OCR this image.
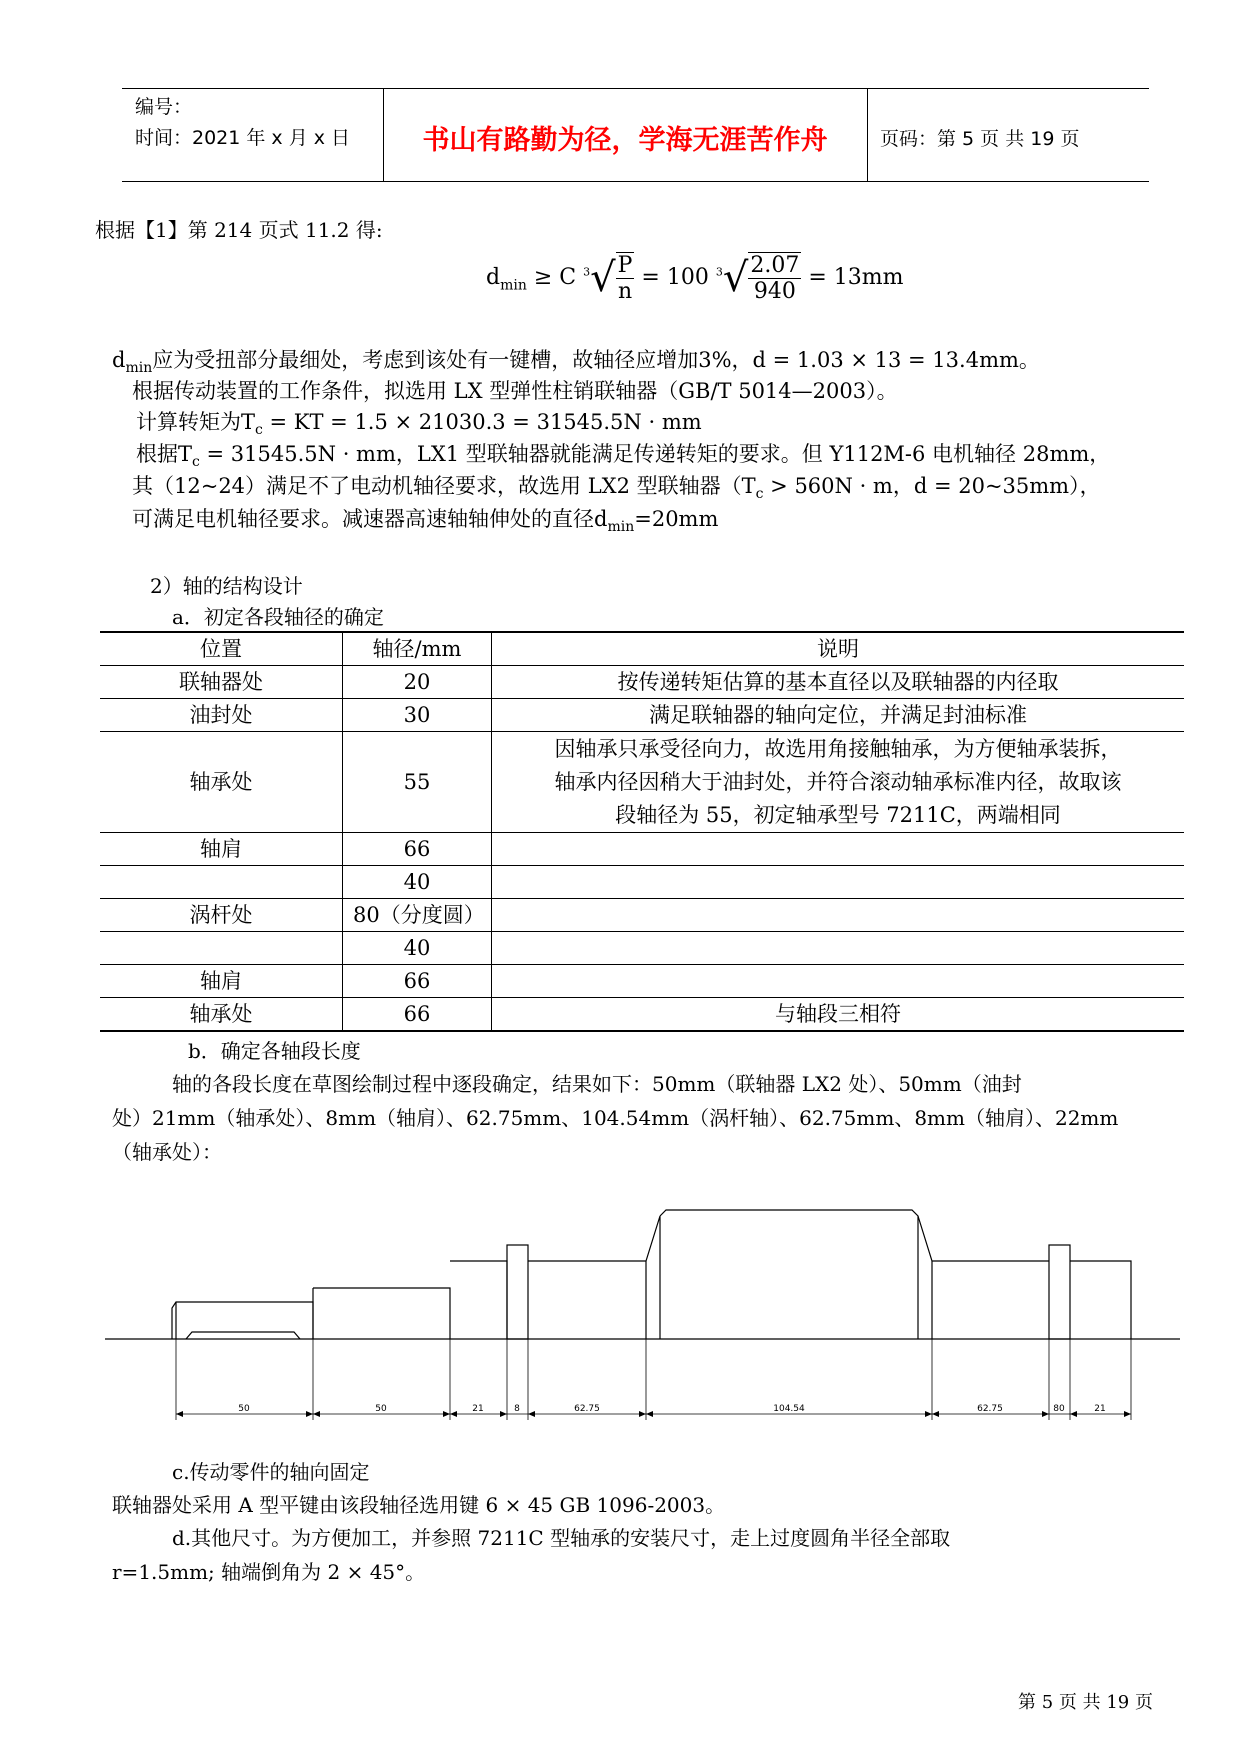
编号：
时间：2021 年 x 月 x 日	书山有路勤为径，学海无涯苦作舟	页码：第 5 页 共 19 页
根据【1】第 214 页式 11.2 得:
$d_{min} \ge C$ $^3√ \frac{P}{n} = 100$ $^3√ \frac{2.07}{940} = 13mm$
$d_{min}$应为受扭部分最细处，考虑到该处有一键槽，故轴径应增加3%，d = 1.03 × 13 = 13.4mm。
根据传动装置的工作条件，拟选用 LX 型弹性柱销联轴器（GB/T 5014—2003）。
计算转矩为$T_c$ = KT = 1.5 × 21030.3 = 31545.5N · mm
根据$T_c = 31545.5N$ · mm，LX1 型联轴器就能满足传递转矩的要求。但 Y112M-6 电机轴径 28mm，
其（12~24）满足不了电动机轴径要求，故选用 LX2 型联轴器（$T_c > 560N \cdot m$，d = 20~35mm），
可满足电机轴径要求。减速器高速轴轴伸处的直径$d_{min}=20mm$
2）轴的结构设计
a．初定各段轴径的确定
位置	轴径/mm	说明
联轴器处	20	按传递转矩估算的基本直径以及联轴器的内径取
油封处	30	满足联轴器的轴向定位，并满足封油标准
轴承处	55	因轴承只承受径向力，故选用角接触轴承，为方便轴承装拆，
轴承内径因稍大于油封处，并符合滚动轴承标准内径，故取该
段轴径为 55，初定轴承型号 7211C，两端相同

轴肩	66	

	40	

涡杆处	80（分度圆）	

	40	

轴肩	66	

轴承处	66	与轴段三相符
b．确定各轴段长度
轴的各段长度在草图绘制过程中逐段确定，结果如下：50mm（联轴器 LX2 处）、50mm（油封
处）21mm（轴承处）、8mm（轴肩）、62.75mm、104.54mm（涡杆轴）、62.75mm、8mm（轴肩）、22mm
（轴承处）：
50	50	21	8	62.75	104.54	62.75	80	21
c.传动零件的轴向固定
联轴器处采用 A 型平键由该段轴径选用键 6 × 45 GB 1096-2003。
d.其他尺寸。为方便加工，并参照 7211C 型轴承的安装尺寸，走上过度圆角半径全部取
r=1.5mm; 轴端倒角为 2 × 45°。
第 5 页 共 19 页
